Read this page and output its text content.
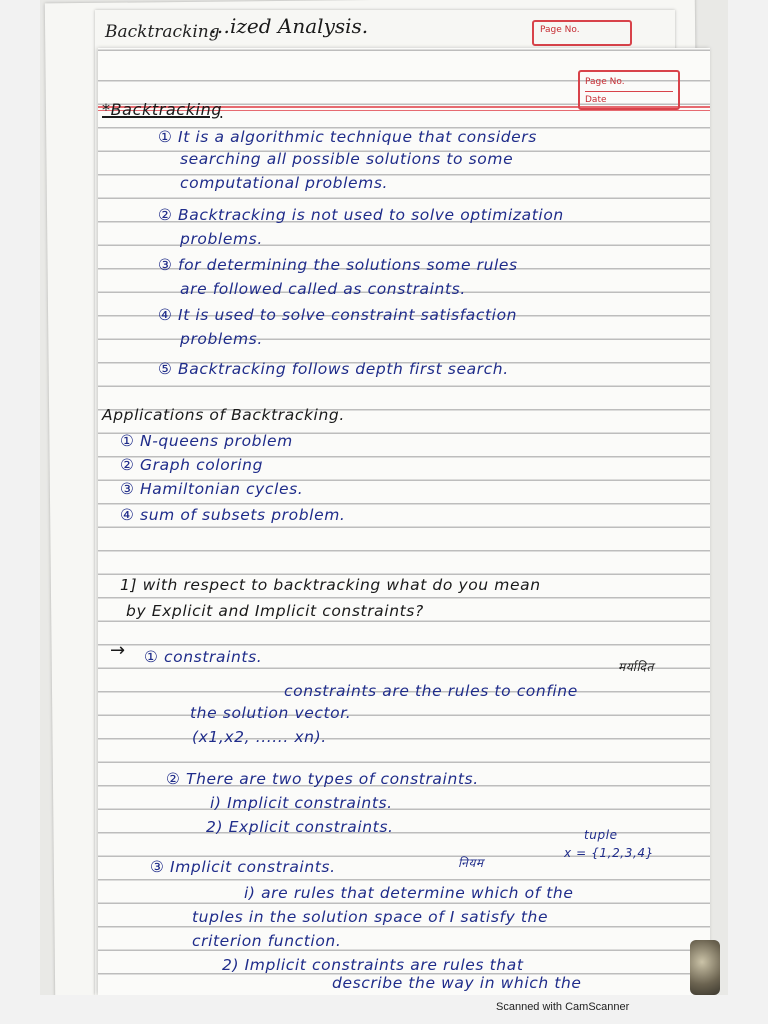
Backtracking
…ized Analysis.	Page No.
Page No.
Date
*Backtracking
① It is a algorithmic technique that considers
searching all possible solutions to some
computational problems.
② Backtracking is not used to solve optimization
problems.
③ for determining the solutions some rules
are followed called as constraints.
④ It is used to solve constraint satisfaction
problems.
⑤ Backtracking follows depth first search.
Applications of Backtracking.
① N-queens problem
② Graph coloring
③ Hamiltonian cycles.
④ sum of subsets problem.
1] with respect to backtracking what do you mean
by Explicit and Implicit constraints?
→ ① constraints.
मर्यादित
constraints are the rules to confine
the solution vector.
(x1,x2, ...... xn).
② There are two types of constraints.
i) Implicit constraints.
2) Explicit constraints.	tuple
x = {1,2,3,4}
नियम
③ Implicit constraints.
i) are rules that determine which of the
tuples in the solution space of I satisfy the
criterion function.
2) Implicit constraints are rules that
describe the way in which the
Scanned with CamScanner
